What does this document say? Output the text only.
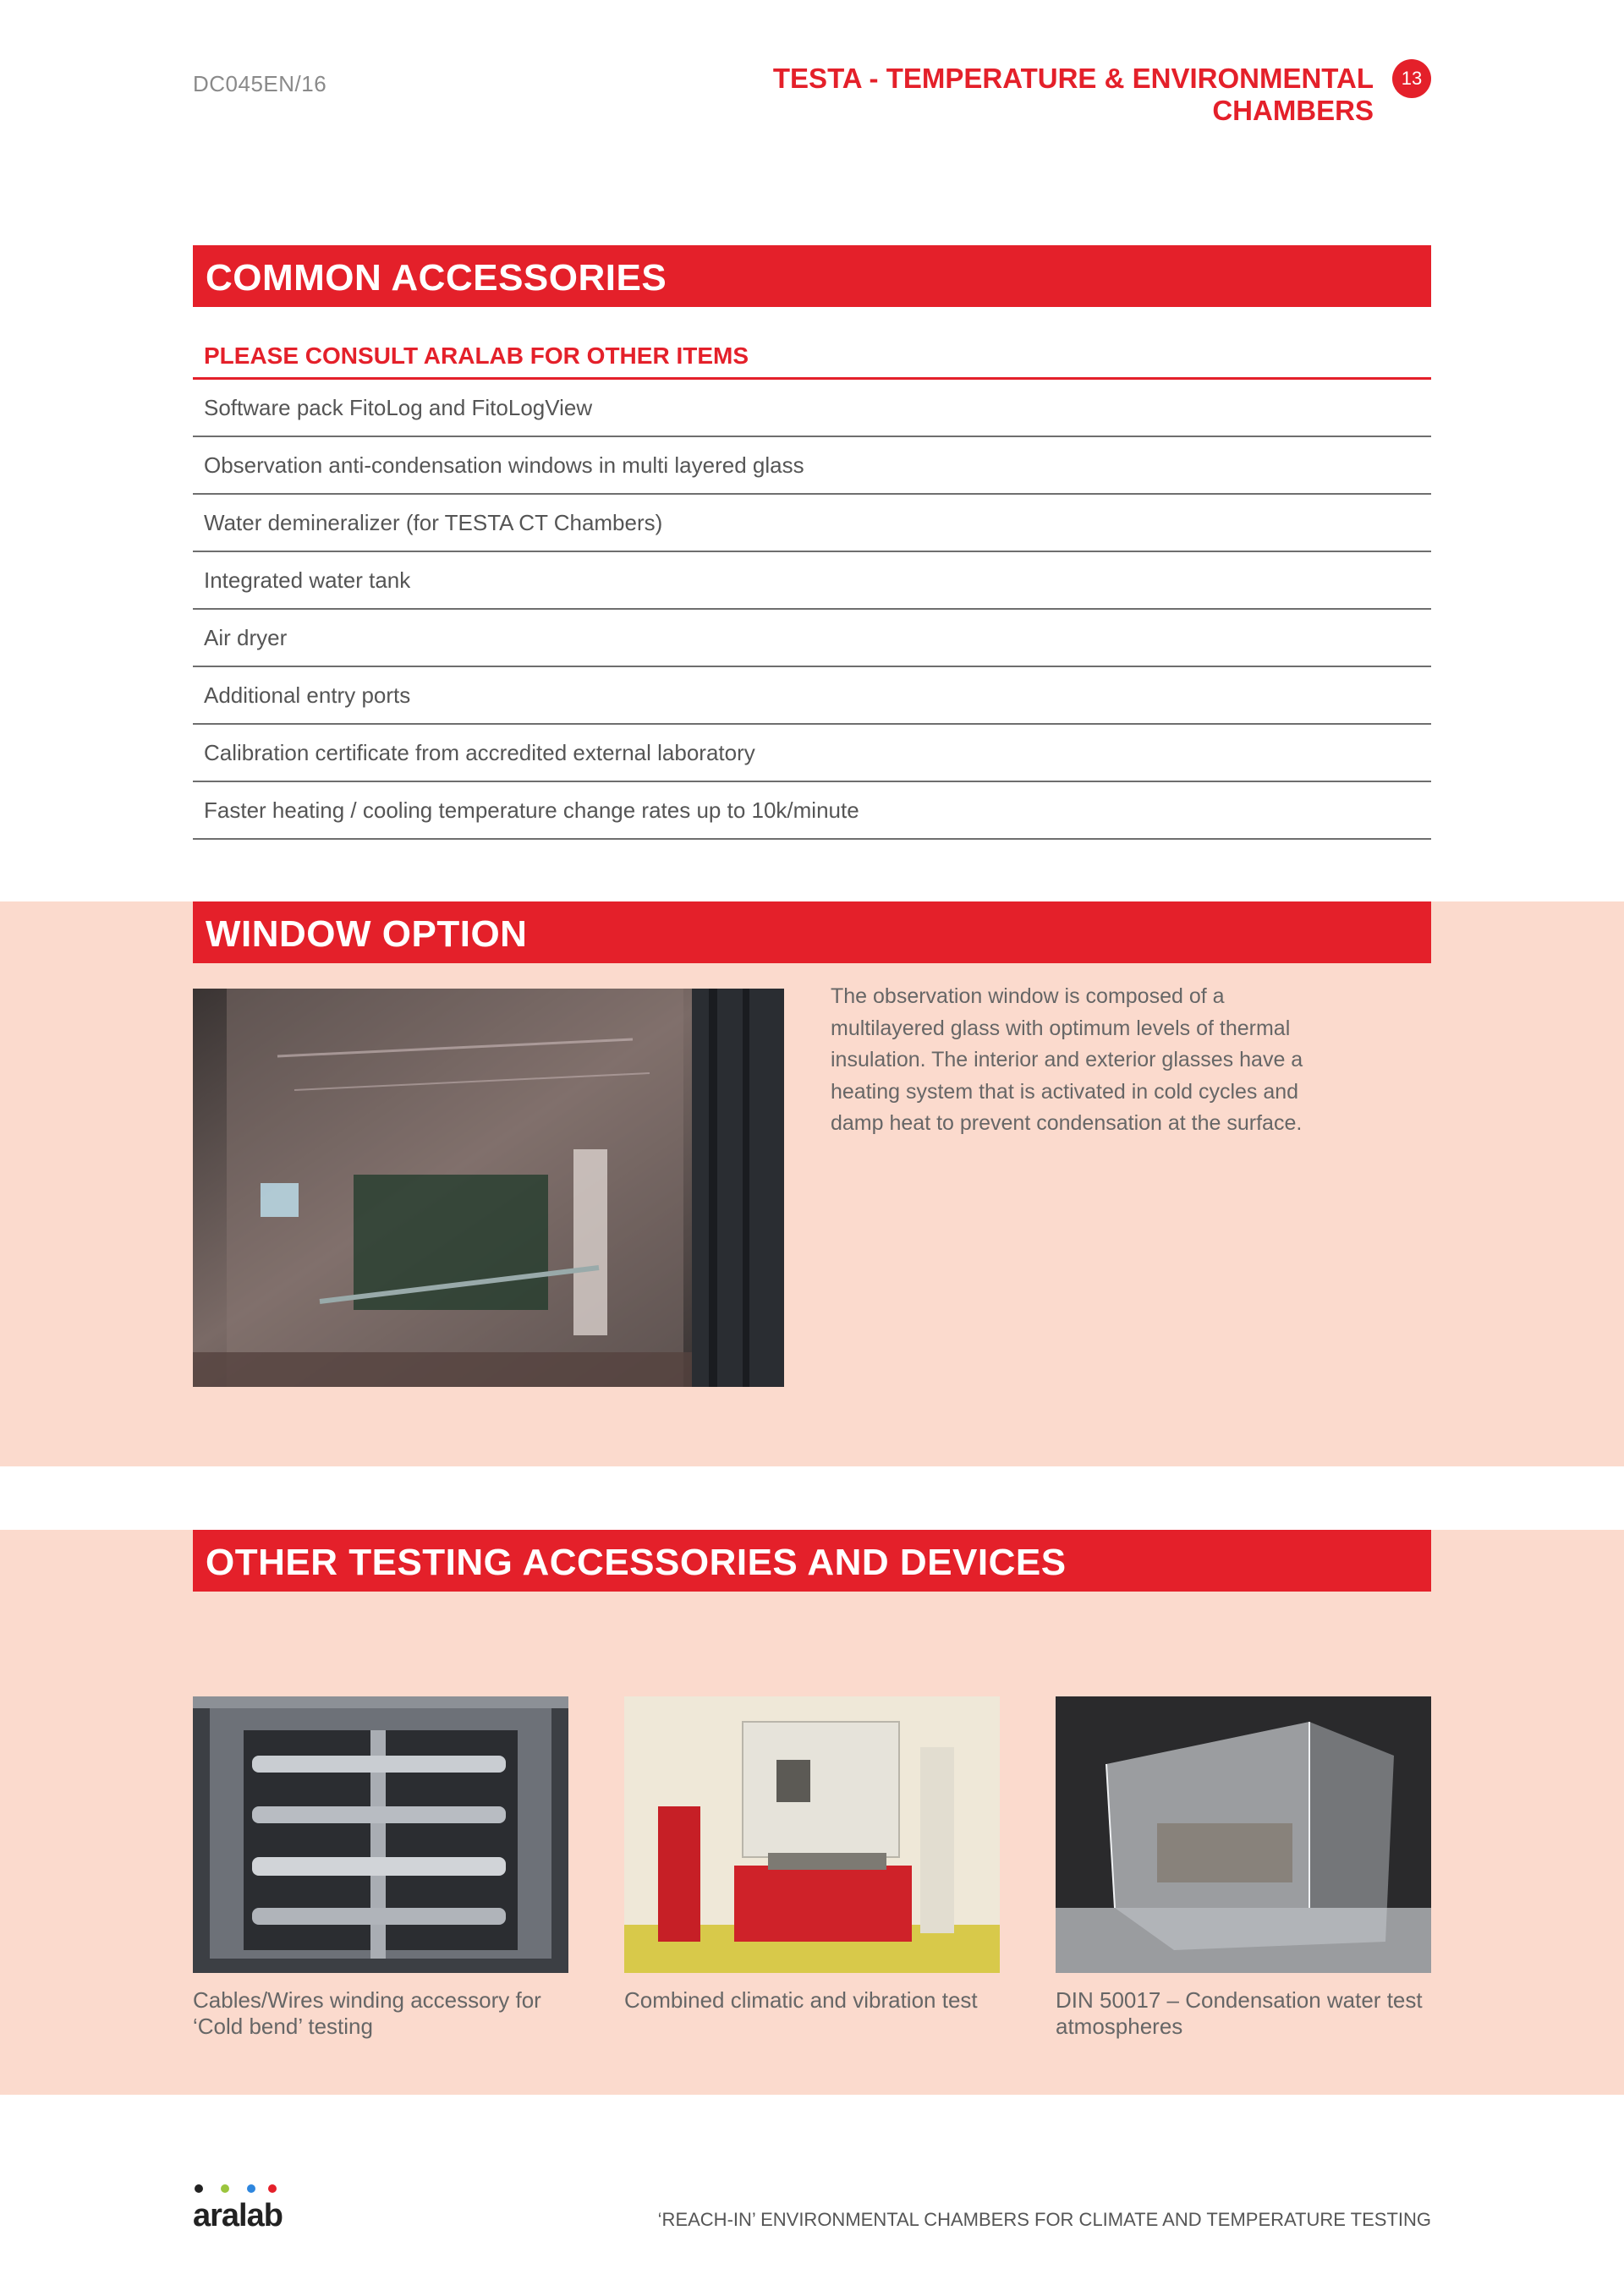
DC045EN/16	TESTA - TEMPERATURE & ENVIRONMENTAL CHAMBERS
13
COMMON ACCESSORIES
PLEASE CONSULT ARALAB FOR OTHER ITEMS
Software pack FitoLog and FitoLogView
Observation anti-condensation windows in multi layered glass
Water demineralizer (for TESTA CT Chambers)
Integrated water tank
Air dryer
Additional entry ports
Calibration certificate from accredited external laboratory
Faster heating / cooling temperature change rates up to 10k/minute
WINDOW OPTION

The observation window is composed of a multilayered glass with optimum levels of thermal insulation. The interior and exterior glasses have a heating system that is activated in cold cycles and damp heat to prevent condensation at the surface.

OTHER TESTING ACCESSORIES AND DEVICES
Cables/Wires winding accessory for ‘Cold bend’ testing
Combined climatic and vibration test	DIN 50017 – Condensation water test atmospheres
aralab	‘REACH-IN’ ENVIRONMENTAL CHAMBERS FOR CLIMATE AND TEMPERATURE TESTING
